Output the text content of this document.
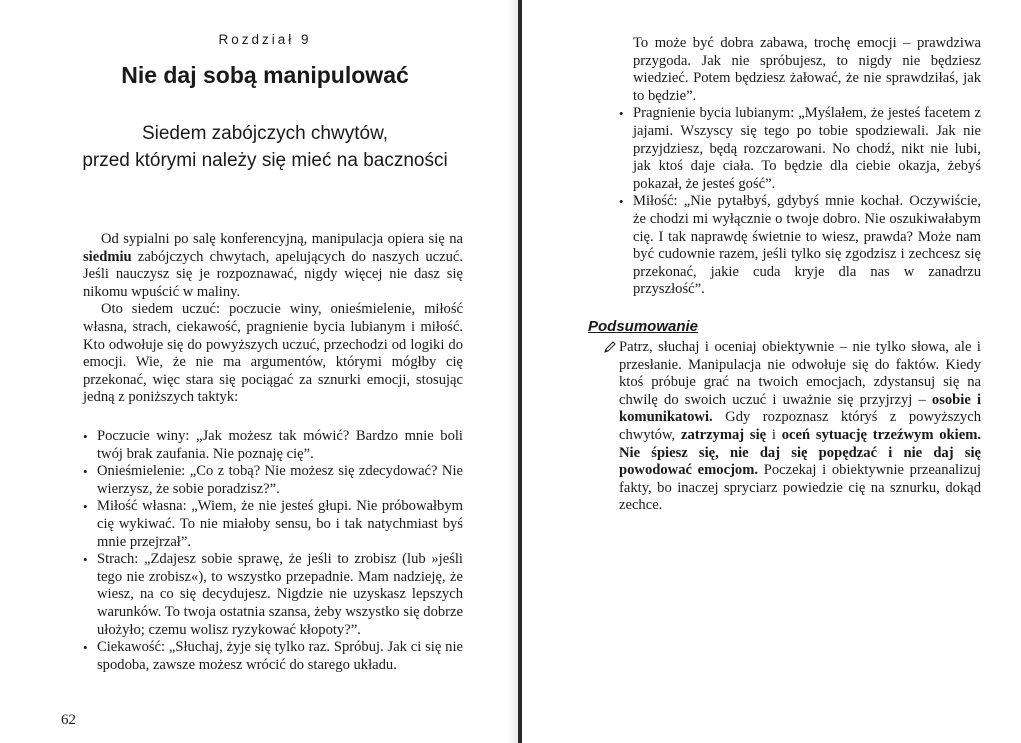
Rozdział 9
Nie daj sobą manipulować
Siedem zabójczych chwytów,
przed którymi należy się mieć na baczności

Od sypialni po salę konferencyjną, manipulacja opiera się na siedmiu zabójczych chwytach, apelujących do naszych uczuć. Jeśli nauczysz się je rozpoznawać, nigdy więcej nie dasz się nikomu wpuścić w maliny.

Oto siedem uczuć: poczucie winy, onieśmielenie, miłość własna, strach, ciekawość, pragnienie bycia lubianym i miłość. Kto odwołuje się do powyższych uczuć, przechodzi od logiki do emocji. Wie, że nie ma argumentów, którymi mógłby cię przekonać, więc stara się pociągać za sznurki emocji, stosując jedną z poniższych taktyk:

• Poczucie winy: „Jak możesz tak mówić? Bardzo mnie boli twój brak zaufania. Nie poznaję cię”.
• Onieśmielenie: „Co z tobą? Nie możesz się zdecydować? Nie wierzysz, że sobie poradzisz?”.
• Miłość własna: „Wiem, że nie jesteś głupi. Nie próbowałbym cię wykiwać. To nie miałoby sensu, bo i tak natychmiast byś mnie przejrzał”.
• Strach: „Zdajesz sobie sprawę, że jeśli to zrobisz (lub »jeśli tego nie zrobisz«), to wszystko przepadnie. Mam nadzieję, że wiesz, na co się decydujesz. Nigdzie nie uzyskasz lepszych warunków. To twoja ostatnia szansa, żeby wszystko się dobrze ułożyło; czemu wolisz ryzykować kłopoty?”.
• Ciekawość: „Słuchaj, żyje się tylko raz. Spróbuj. Jak ci się nie spodoba, zawsze możesz wrócić do starego układu.
62
To może być dobra zabawa, trochę emocji – prawdziwa przygoda. Jak nie spróbujesz, to nigdy nie będziesz wiedzieć. Potem będziesz żałować, że nie sprawdziłaś, jak to będzie”.
• Pragnienie bycia lubianym: „Myślałem, że jesteś facetem z jajami. Wszyscy się tego po tobie spodziewali. Jak nie przyjdziesz, będą rozczarowani. No chodź, nikt nie lubi, jak ktoś daje ciała. To będzie dla ciebie okazja, żebyś pokazał, że jesteś gość”.
• Miłość: „Nie pytałbyś, gdybyś mnie kochał. Oczywiście, że chodzi mi wyłącznie o twoje dobro. Nie oszukiwałabym cię. I tak naprawdę świetnie to wiesz, prawda? Może nam być cudownie razem, jeśli tylko się zgodzisz i zechcesz się przekonać, jakie cuda kryje dla nas w zanadrzu przyszłość”.
Podsumowanie
Patrz, słuchaj i oceniaj obiektywnie – nie tylko słowa, ale i przesłanie. Manipulacja nie odwołuje się do faktów. Kiedy ktoś próbuje grać na twoich emocjach, zdystansuj się na chwilę do swoich uczuć i uważnie się przyjrzyj – osobie i komunikatowi. Gdy rozpoznasz któryś z powyższych chwytów, zatrzymaj się i oceń sytuację trzeźwym okiem. Nie śpiesz się, nie daj się popędzać i nie daj się powodować emocjom. Poczekaj i obiektywnie przeanalizuj fakty, bo inaczej spryciarz powiedzie cię na sznurku, dokąd zechce.
